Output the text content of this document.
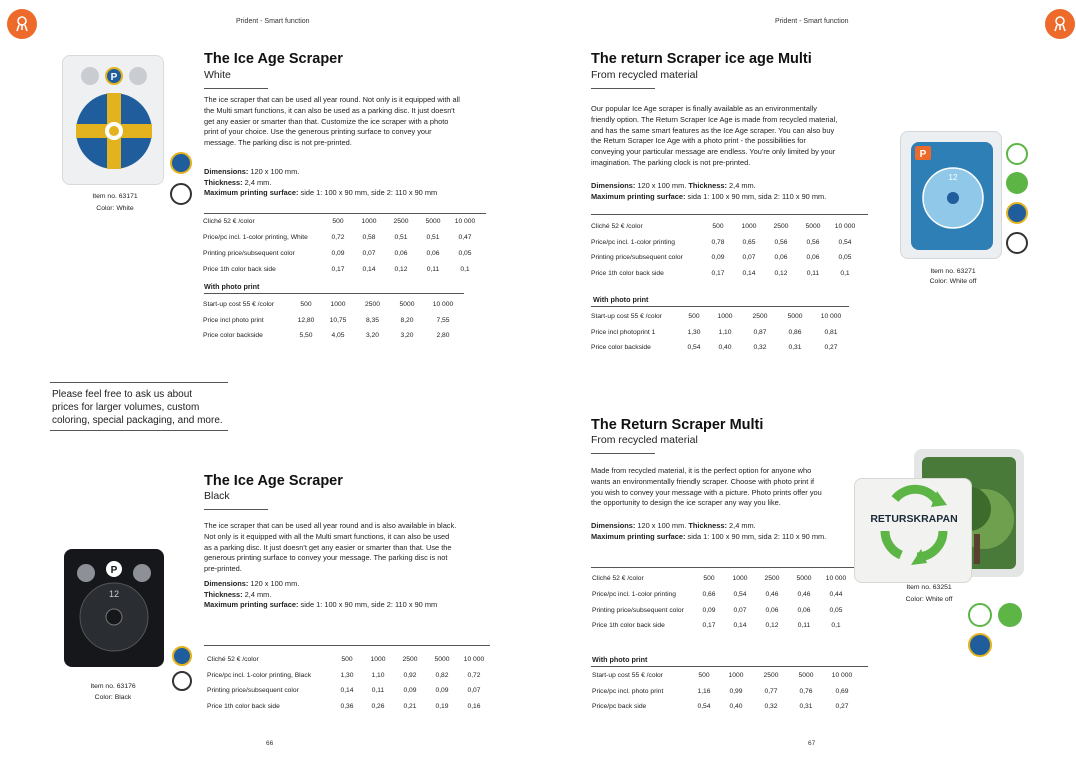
Prident - Smart function
P
Item no. 63171
Color: White
The Ice Age Scraper
White
The ice scraper that can be used all year round. Not only is it equipped with all
the Multi smart functions, it can also be used as a parking disc. It just doesn't
get any easier or smarter than that. Customize the ice scraper with a photo
print of your choice. Use the generous printing surface to convey your
message. The parking disc is not pre-printed.
Dimensions: 120 x 100 mm.
Thickness: 2,4 mm.
Maximum printing surface: side 1: 100 x 90 mm, side 2: 110 x 90 mm
Cliché 52 € /color	500	1000	2500	5000	10 000
Price/pc incl. 1-color printing, White	0,72	0,58	0,51	0,51	0,47
Printing price/subsequent color	0,09	0,07	0,06	0,06	0,05
Price 1th color back side	0,17	0,14	0,12	0,11	0,1
With photo print
Start-up cost 55 € /color	500	1000	2500	5000	10 000
Price incl photo print	12,80	10,75	8,35	8,20	7,55
Price color backside	5,50	4,05	3,20	3,20	2,80
Please feel free to ask us about
prices for larger volumes, custom
coloring, special packaging, and more.
The Ice Age Scraper
Black
The ice scraper that can be used all year round and is also available in black.
Not only is it equipped with all the Multi smart functions, it can also be used
as a parking disc. It just doesn't get any easier or smarter than that. Use the
generous printing surface to convey your message. The parking disc is not
pre-printed.
Dimensions: 120 x 100 mm.
Thickness: 2,4 mm.
Maximum printing surface: side 1: 100 x 90 mm, side 2: 110 x 90 mm
Cliché 52 € /color	500	1000	2500	5000	10 000
Price/pc incl. 1-color printing, Black	1,30	1,10	0,92	0,82	0,72
Printing price/subsequent color	0,14	0,11	0,09	0,09	0,07
Price 1th color back side	0,36	0,26	0,21	0,19	0,16
P
12
Item no. 63176
Color: Black
66
Prident - Smart function
The return Scraper ice age Multi
From recycled material
Our popular Ice Age scraper is finally available as an environmentally
friendly option. The Return Scraper Ice Age is made from recycled material,
and has the same smart features as the Ice Age scraper. You can also buy
the Return Scraper Ice Age with a photo print - the possibilities for
conveying your particular message are endless. You're only limited by your
imagination. The parking clock is not pre-printed.
Dimensions: 120 x 100 mm. Thickness: 2,4 mm.
Maximum printing surface: sida 1: 100 x 90 mm, sida 2: 110 x 90 mm.
Cliché 52 € /color	500	1000	2500	5000	10 000
Price/pc incl. 1-color printing	0,78	0,65	0,56	0,56	0,54
Printing price/subsequent color	0,09	0,07	0,06	0,06	0,05
Price 1th color back side	0,17	0,14	0,12	0,11	0,1
With photo print
Start-up cost 55 € /color	500	1000	2500	5000	10 000
Price incl photoprint 1	1,30	1,10	0,87	0,86	0,81
Price color backside	0,54	0,40	0,32	0,31	0,27
P
12
Item no. 63271
Color: White off
The Return Scraper Multi
From recycled material
Made from recycled material, it is the perfect option for anyone who
wants an environmentally friendly scraper. Choose with photo print if
you wish to convey your message with a picture. Photo prints offer you
the opportunity to design the ice scraper any way you like.
Dimensions: 120 x 100 mm. Thickness: 2,4 mm.
Maximum printing surface: sida 1: 100 x 90 mm, sida 2: 110 x 90 mm.
Cliché 52 € /color	500	1000	2500	5000	10 000
Price/pc incl. 1-color printing	0,66	0,54	0,46	0,46	0,44
Printing price/subsequent color	0,09	0,07	0,06	0,06	0,05
Price 1th color back side	0,17	0,14	0,12	0,11	0,1
With photo print
Start-up cost 55 € /color	500	1000	2500	5000	10 000
Price/pc incl. photo print	1,16	0,99	0,77	0,76	0,69
Price/pc back side	0,54	0,40	0,32	0,31	0,27
RETURSKRAPAN
Item no. 63251
Color: White off
67
